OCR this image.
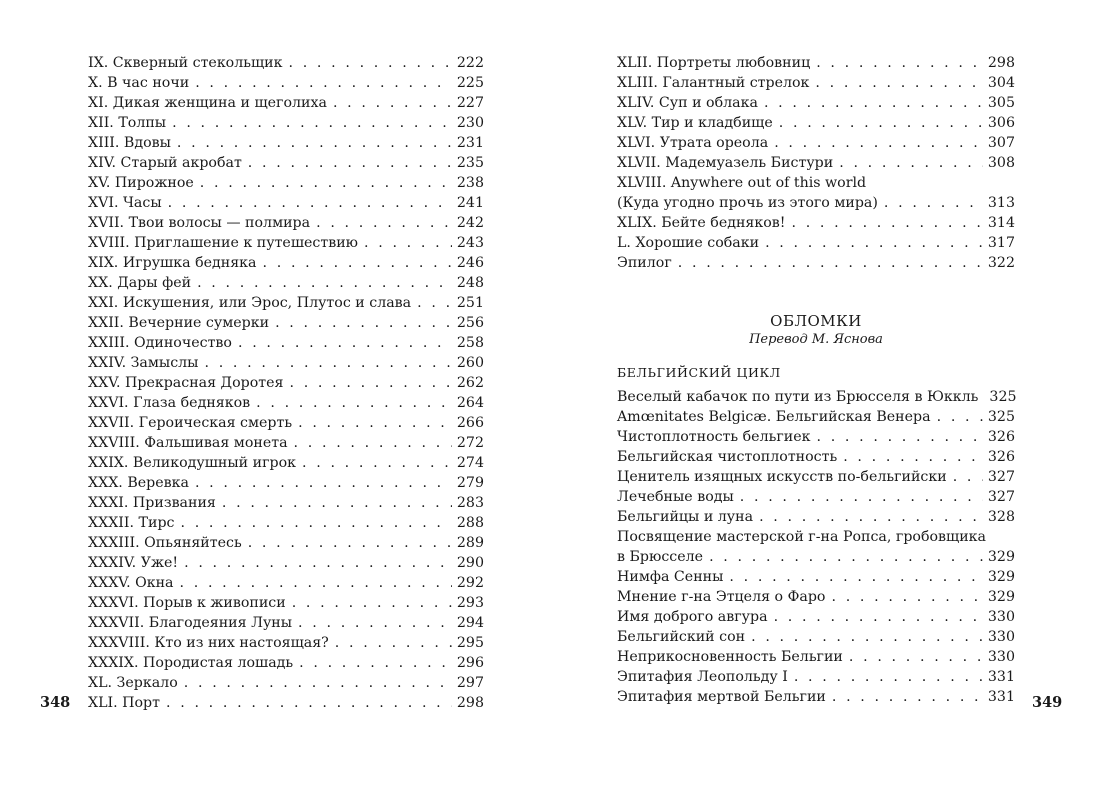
IX. Скверный стекольщик . . .	222
X. В час ночи . . .	225
XI. Дикая женщина и щеголиха . . .	227
XII. Толпы . . .	230
XIII. Вдовы . . .	231
XIV. Старый акробат . . .	235
XV. Пирожное . . .	238
XVI. Часы . . .	241
XVII. Твои волосы — полмира . . .	242
XVIII. Приглашение к путешествию . . .	243
XIX. Игрушка бедняка . . .	246
XX. Дары фей . . .	248
XXI. Искушения, или Эрос, Плутос и слава . . .	251
XXII. Вечерние сумерки . . .	256
XXIII. Одиночество . . .	258
XXIV. Замыслы . . .	260
XXV. Прекрасная Доротея . . .	262
XXVI. Глаза бедняков . . .	264
XXVII. Героическая смерть . . .	266
XXVIII. Фальшивая монета . . .	272
XXIX. Великодушный игрок . . .	274
XXX. Веревка . . .	279
XXXI. Призвания . . .	283
XXXII. Тирс . . .	288
XXXIII. Опьяняйтесь . . .	289
XXXIV. Уже! . . .	290
XXXV. Окна . . .	292
XXXVI. Порыв к живописи . . .	293
XXXVII. Благодеяния Луны . . .	294
XXXVIII. Кто из них настоящая? . . .	295
XXXIX. Породистая лошадь . . .	296
XL. Зеркало . . .	297
XLI. Порт . . .	298
XLII. Портреты любовниц . . .	298
XLIII. Галантный стрелок . . .	304
XLIV. Суп и облака . . .	305
XLV. Тир и кладбище . . .	306
XLVI. Утрата ореола . . .	307
XLVII. Мадемуазель Бистури . . .	308
XLVIII. Anywhere out of this world
(Куда угодно прочь из этого мира) . . .	313
XLIX. Бейте бедняков! . . .	314
L. Хорошие собаки . . .	317
Эпилог . . .	322
ОБЛОМКИ
Перевод М. Яснова
БЕЛЬГИЙСКИЙ ЦИКЛ
Веселый кабачок по пути из Брюсселя в Юккль 325
Amœnitates Belgicæ. Бельгийская Венера . . .	325
Чистоплотность бельгиек . . .	326
Бельгийская чистоплотность . . .	326
Ценитель изящных искусств по-бельгийски . . .	327
Лечебные воды . . .	327
Бельгийцы и луна . . .	328
Посвящение мастерской г-на Ропса, гробовщика
в Брюсселе . . .	329
Нимфа Сенны . . .	329
Мнение г-на Этцеля о Фаро . . .	329
Имя доброго авгура . . .	330
Бельгийский сон . . .	330
Неприкосновенность Бельгии . . .	330
Эпитафия Леопольду I . . .	331
Эпитафия мертвой Бельгии . . .	331
348	349
